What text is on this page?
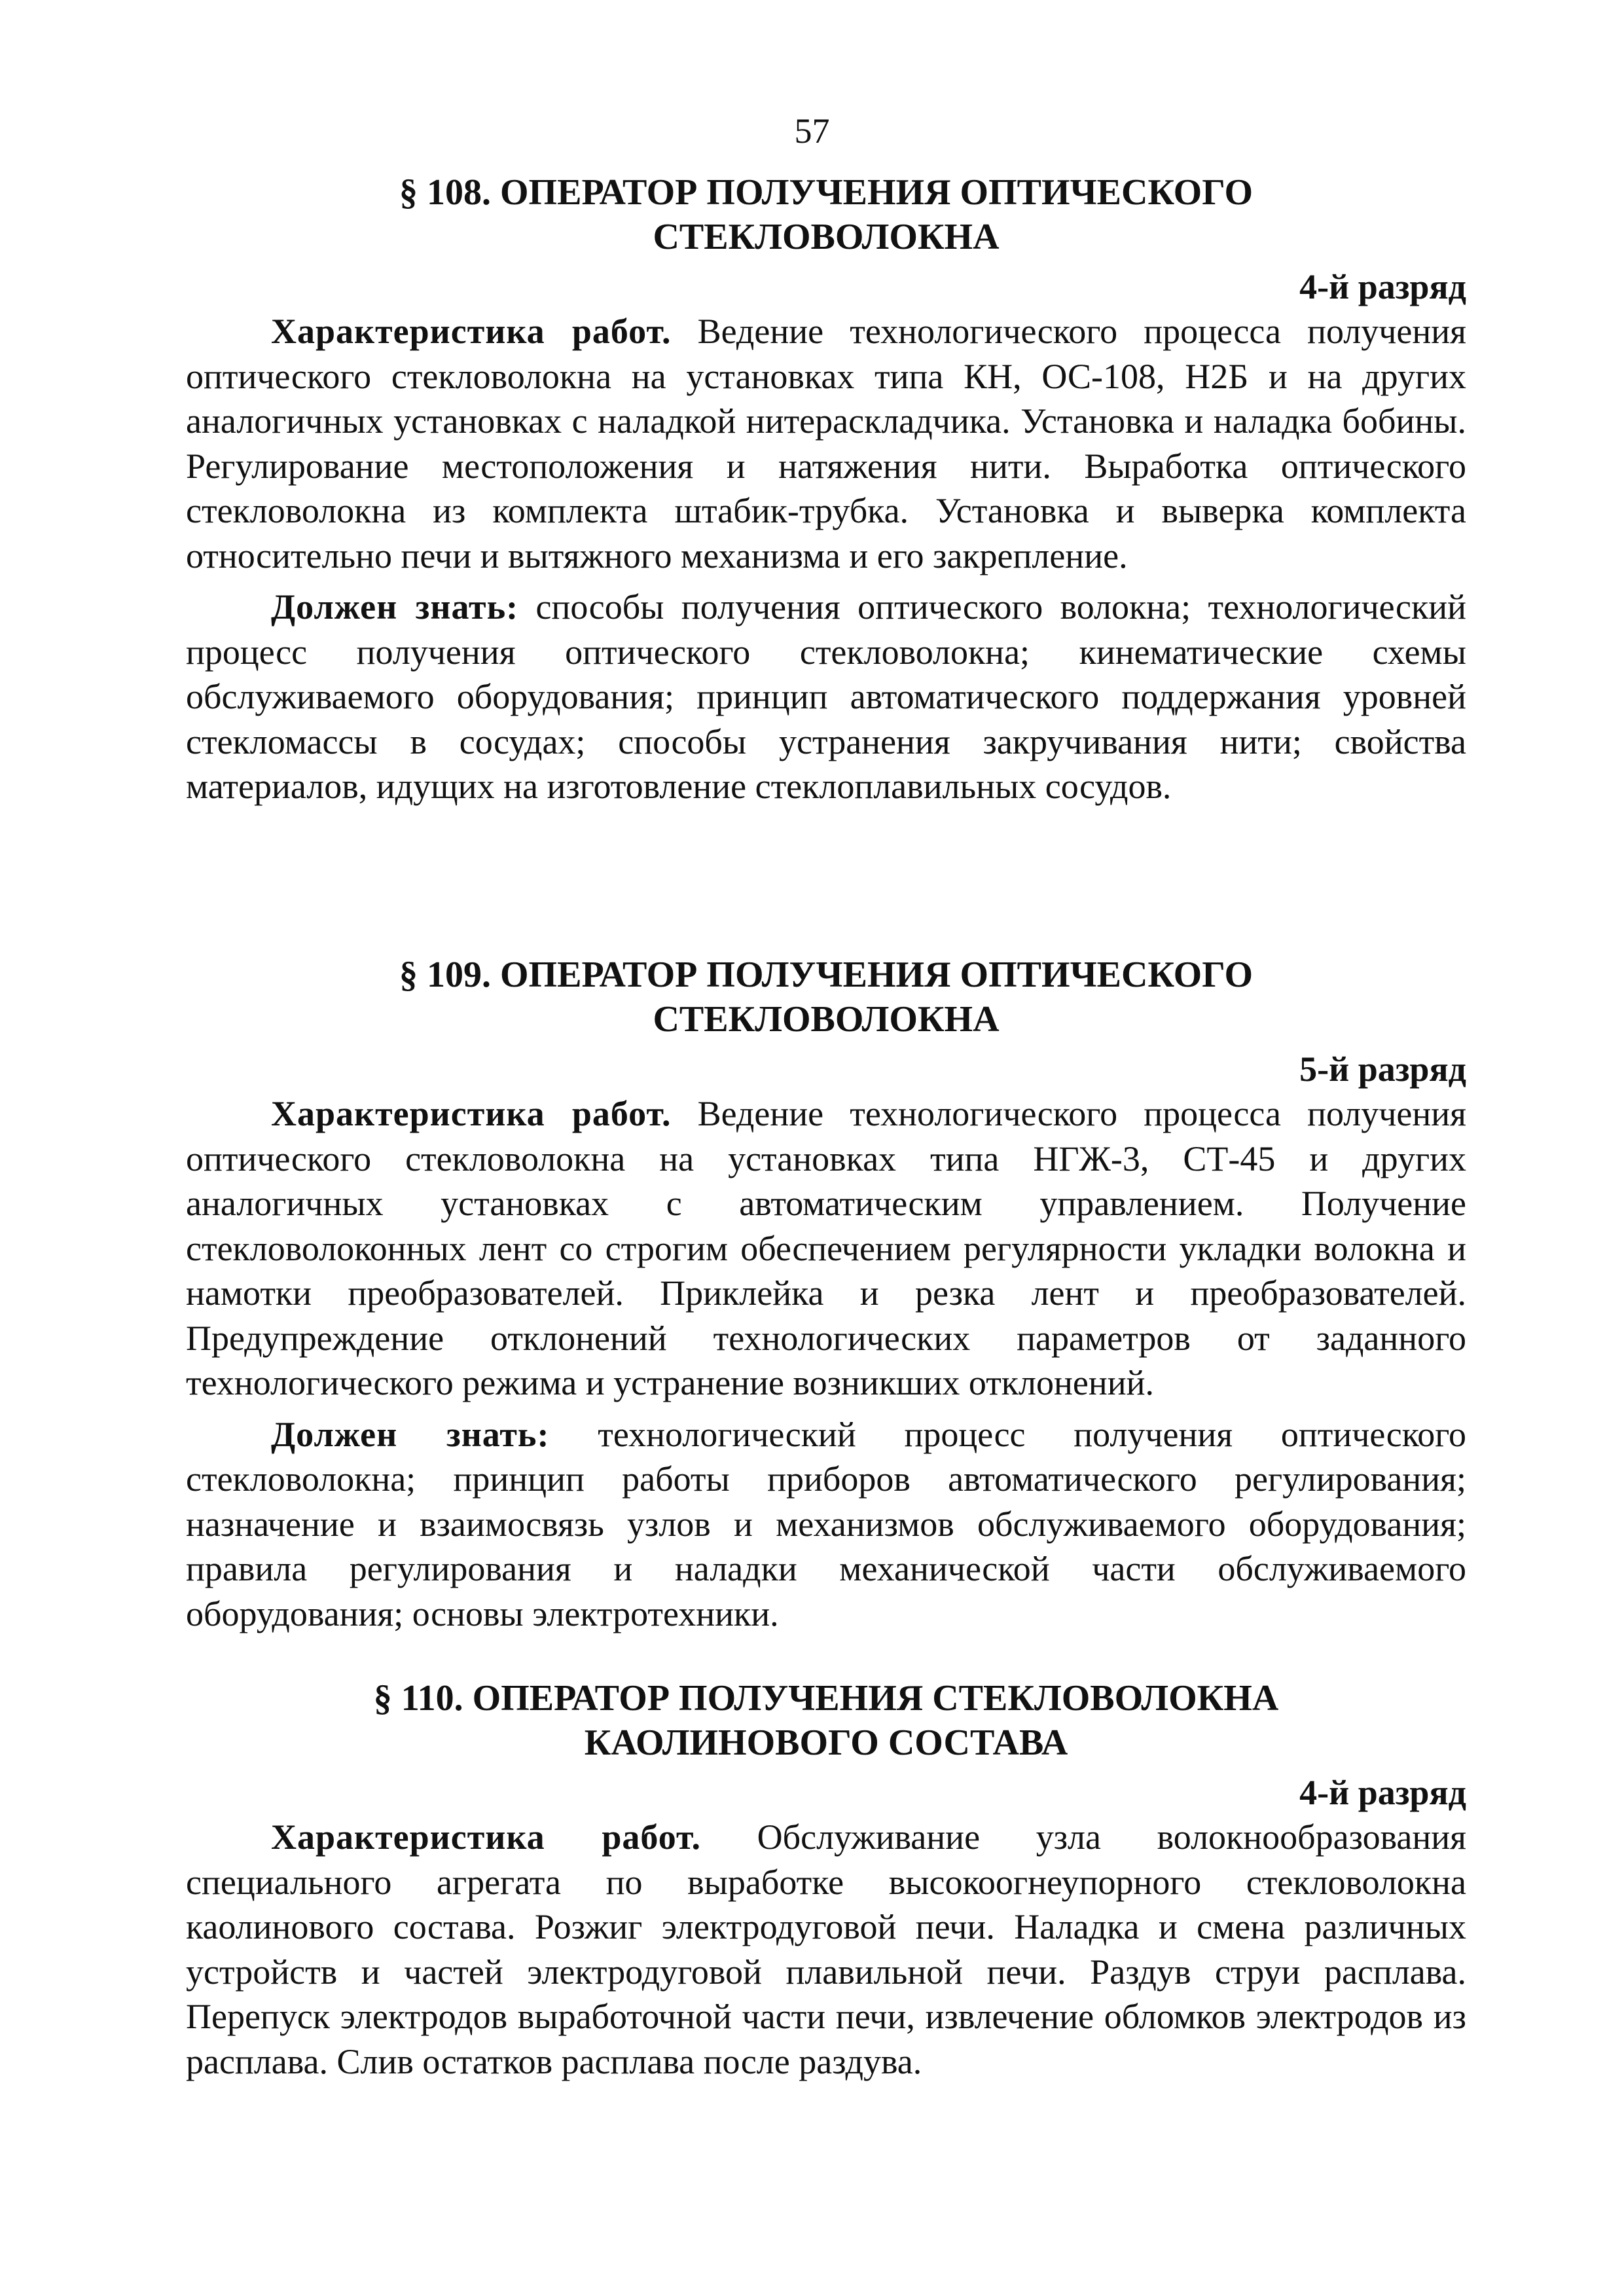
57
§ 108. ОПЕРАТОР ПОЛУЧЕНИЯ ОПТИЧЕСКОГО
СТЕКЛОВОЛОКНА
4-й разряд

Характеристика работ. Ведение технологического процесса получения оптического стекловолокна на установках типа КН, ОС-108, Н2Б и на других аналогичных установках с наладкой нитераскладчика. Установка и наладка бобины. Регулирование местоположения и натяжения нити. Выработка оптического стекловолокна из комплекта штабик-трубка. Установка и выверка комплекта относительно печи и вытяжного механизма и его закрепление.

Должен знать: способы получения оптического волокна; технологический процесс получения оптического стекловолокна; кинематические схемы обслуживаемого оборудования; принцип автоматического поддержания уровней стекломассы в сосудах; способы устранения закручивания нити; свойства материалов, идущих на изготовление стеклоплавильных сосудов.

§ 109. ОПЕРАТОР ПОЛУЧЕНИЯ ОПТИЧЕСКОГО
СТЕКЛОВОЛОКНА
5-й разряд

Характеристика работ. Ведение технологического процесса получения оптического стекловолокна на установках типа НГЖ-3, СТ-45 и других аналогичных установках с автоматическим управлением. Получение стекловолоконных лент со строгим обеспечением регулярности укладки волокна и намотки преобразователей. Приклейка и резка лент и преобразователей. Предупреждение отклонений технологических параметров от заданного технологического режима и устранение возникших отклонений.

Должен знать: технологический процесс получения оптического стекловолокна; принцип работы приборов автоматического регулирования; назначение и взаимосвязь узлов и механизмов обслуживаемого оборудования; правила регулирования и наладки механической части обслуживаемого оборудования; основы электротехники.

§ 110. ОПЕРАТОР ПОЛУЧЕНИЯ СТЕКЛОВОЛОКНА
КАОЛИНОВОГО СОСТАВА
4-й разряд

Характеристика работ. Обслуживание узла волокнообразования специального агрегата по выработке высокоогнеупорного стекловолокна каолинового состава. Розжиг электродуговой печи. Наладка и смена различных устройств и частей электродуговой плавильной печи. Раздув струи расплава. Перепуск электродов выработочной части печи, извлечение обломков электродов из расплава. Слив остатков расплава после раздува.
